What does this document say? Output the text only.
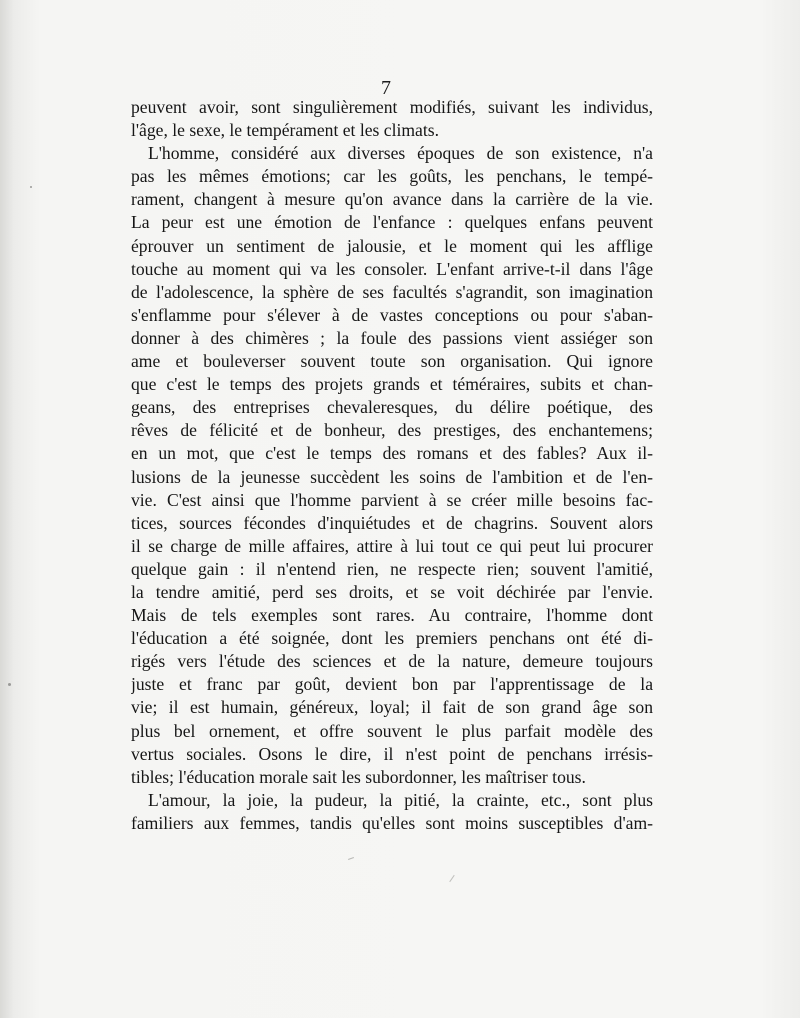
7
peuvent avoir, sont singulièrement modifiés, suivant les individus,
l'âge, le sexe, le tempérament et les climats.
L'homme, considéré aux diverses époques de son existence, n'a
pas les mêmes émotions; car les goûts, les penchans, le tempé-
rament, changent à mesure qu'on avance dans la carrière de la vie.
La peur est une émotion de l'enfance : quelques enfans peuvent
éprouver un sentiment de jalousie, et le moment qui les afflige
touche au moment qui va les consoler. L'enfant arrive-t-il dans l'âge
de l'adolescence, la sphère de ses facultés s'agrandit, son imagination
s'enflamme pour s'élever à de vastes conceptions ou pour s'aban-
donner à des chimères ; la foule des passions vient assiéger son
ame et bouleverser souvent toute son organisation. Qui ignore
que c'est le temps des projets grands et téméraires, subits et chan-
geans, des entreprises chevaleresques, du délire poétique, des
rêves de félicité et de bonheur, des prestiges, des enchantemens;
en un mot, que c'est le temps des romans et des fables? Aux il-
lusions de la jeunesse succèdent les soins de l'ambition et de l'en-
vie. C'est ainsi que l'homme parvient à se créer mille besoins fac-
tices, sources fécondes d'inquiétudes et de chagrins. Souvent alors
il se charge de mille affaires, attire à lui tout ce qui peut lui procurer
quelque gain : il n'entend rien, ne respecte rien; souvent l'amitié,
la tendre amitié, perd ses droits, et se voit déchirée par l'envie.
Mais de tels exemples sont rares. Au contraire, l'homme dont
l'éducation a été soignée, dont les premiers penchans ont été di-
rigés vers l'étude des sciences et de la nature, demeure toujours
juste et franc par goût, devient bon par l'apprentissage de la
vie; il est humain, généreux, loyal; il fait de son grand âge son
plus bel ornement, et offre souvent le plus parfait modèle des
vertus sociales. Osons le dire, il n'est point de penchans irrésis-
tibles; l'éducation morale sait les subordonner, les maîtriser tous.
L'amour, la joie, la pudeur, la pitié, la crainte, etc., sont plus
familiers aux femmes, tandis qu'elles sont moins susceptibles d'am-
